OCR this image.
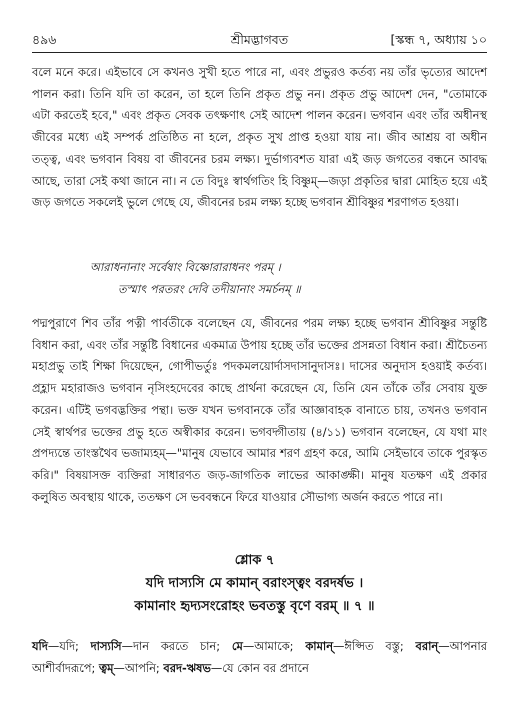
৪৯৬	শ্রীমদ্ভাগবত	[স্কন্ধ ৭, অধ্যায় ১০

বলে মনে করে। এইভাবে সে কখনও সুখী হতে পারে না, এবং প্রভুরও কর্তব্য নয় তাঁর ভৃত্যের আদেশ পালন করা। তিনি যদি তা করেন, তা হলে তিনি প্রকৃত প্রভু নন। প্রকৃত প্রভু আদেশ দেন, "তোমাকে এটা করতেই হবে," এবং প্রকৃত সেবক তৎক্ষণাৎ সেই আদেশ পালন করেন। ভগবান এবং তাঁর অধীনস্থ জীবের মধ্যে এই সম্পর্ক প্রতিষ্ঠিত না হলে, প্রকৃত সুখ প্রাপ্ত হওয়া যায় না। জীব আশ্রয় বা অধীন তত্ত্ব, এবং ভগবান বিষয় বা জীবনের চরম লক্ষ্য। দুর্ভাগ্যবশত যারা এই জড় জগতের বন্ধনে আবদ্ধ আছে, তারা সেই কথা জানে না। ন তে বিদুঃ স্বার্থগতিং হি বিষ্ণুম্—জড়া প্রকৃতির দ্বারা মোহিত হয়ে এই জড় জগতে সকলেই ভুলে গেছে যে, জীবনের চরম লক্ষ্য হচ্ছে ভগবান শ্রীবিষ্ণুর শরণাগত হওয়া।

আরাধনানাং সর্বেষাং বিষ্ণোরারাধনং পরম্ ।

তস্মাৎ পরতরং দেবি তদীয়ানাং সমর্চনম্ ॥

পদ্মপুরাণে শিব তাঁর পত্নী পার্বতীকে বলেছেন যে, জীবনের পরম লক্ষ্য হচ্ছে ভগবান শ্রীবিষ্ণুর সন্তুষ্টি বিধান করা, এবং তাঁর সন্তুষ্টি বিধানের একমাত্র উপায় হচ্ছে তাঁর ভক্তের প্রসন্নতা বিধান করা। শ্রীচৈতন্য মহাপ্রভু তাই শিক্ষা দিয়েছেন, গোপীভর্তুঃ পদকমলয়োর্দাসদাসানুদাসঃ। দাসের অনুদাস হওয়াই কর্তব্য। প্রহ্লাদ মহারাজও ভগবান নৃসিংহদেবের কাছে প্রার্থনা করেছেন যে, তিনি যেন তাঁকে তাঁর সেবায় যুক্ত করেন। এটিই ভগবদ্ভক্তির পন্থা। ভক্ত যখন ভগবানকে তাঁর আজ্ঞাবাহক বানাতে চায়, তখনও ভগবান সেই স্বার্থপর ভক্তের প্রভু হতে অস্বীকার করেন। ভগবদ্গীতায় (৪/১১) ভগবান বলেছেন, যে যথা মাং প্রপদ্যন্তে তাংস্তথৈব ভজাম্যহম্—"মানুষ যেভাবে আমার শরণ গ্রহণ করে, আমি সেইভাবে তাকে পুরস্কৃত করি।" বিষয়াসক্ত ব্যক্তিরা সাধারণত জড়-জাগতিক লাভের আকাঙ্ক্ষী। মানুষ যতক্ষণ এই প্রকার কলুষিত অবস্থায় থাকে, ততক্ষণ সে ভববন্ধনে ফিরে যাওয়ার সৌভাগ্য অর্জন করতে পারে না।

শ্লোক ৭
যদি দাস্যসি মে কামান্ বরাংস্ত্বং বরদর্ষভ ।
কামানাং হৃদ্যসংরোহং ভবতস্তু বৃণে বরম্ ॥ ৭ ॥

যদি—যদি; দাস্যসি—দান করতে চান; মে—আমাকে; কামান্—ঈপ্সিত বস্তু; বরান্—আপনার আশীর্বাদরূপে; ত্বম্—আপনি; বরদ-ঋষভ—যে কোন বর প্রদানে
